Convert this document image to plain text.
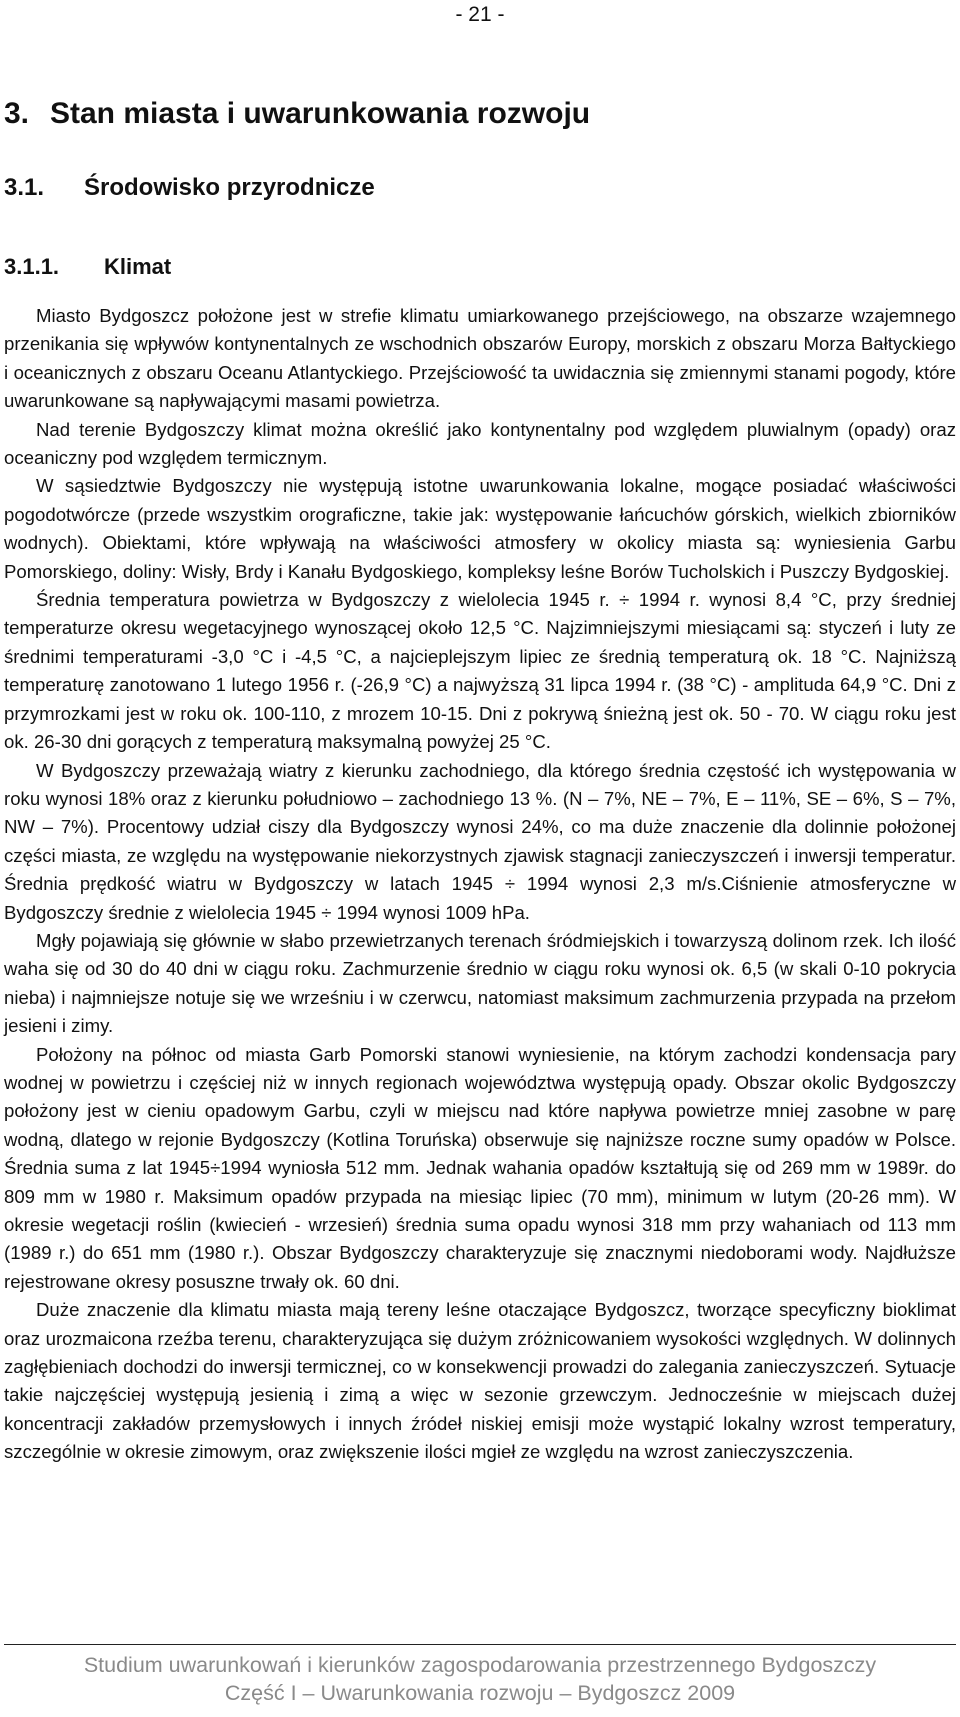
- 21 -
3. Stan miasta i uwarunkowania rozwoju
3.1. Środowisko przyrodnicze
3.1.1. Klimat

Miasto Bydgoszcz położone jest w strefie klimatu umiarkowanego przejściowego, na obszarze wzajemnego przenikania się wpływów kontynentalnych ze wschodnich obszarów Europy, morskich z obszaru Morza Bałtyckiego i oceanicznych z obszaru Oceanu Atlantyckiego. Przejściowość ta uwidacznia się zmiennymi stanami pogody, które uwarunkowane są napływającymi masami powietrza.

Nad terenie Bydgoszczy klimat można określić jako kontynentalny pod względem pluwialnym (opady) oraz oceaniczny pod względem termicznym.

W sąsiedztwie Bydgoszczy nie występują istotne uwarunkowania lokalne, mogące posiadać właściwości pogodotwórcze (przede wszystkim orograficzne, takie jak: występowanie łańcuchów górskich, wielkich zbiorników wodnych). Obiektami, które wpływają na właściwości atmosfery w okolicy miasta są: wyniesienia Garbu Pomorskiego, doliny: Wisły, Brdy i Kanału Bydgoskiego, kompleksy leśne Borów Tucholskich i Puszczy Bydgoskiej.

Średnia temperatura powietrza w Bydgoszczy z wielolecia 1945 r. ÷ 1994 r. wynosi 8,4 °C, przy średniej temperaturze okresu wegetacyjnego wynoszącej około 12,5 °C. Najzimniejszymi miesiącami są: styczeń i luty ze średnimi temperaturami -3,0 °C i -4,5 °C, a najcieplejszym lipiec ze średnią temperaturą ok. 18 °C. Najniższą temperaturę zanotowano 1 lutego 1956 r. (-26,9 °C) a najwyższą 31 lipca 1994 r. (38 °C) - amplituda 64,9 °C. Dni z przymrozkami jest w roku ok. 100-110, z mrozem 10-15. Dni z pokrywą śnieżną jest ok. 50 - 70. W ciągu roku jest ok. 26-30 dni gorących z temperaturą maksymalną powyżej 25 °C.

W Bydgoszczy przeważają wiatry z kierunku zachodniego, dla którego średnia częstość ich występowania w roku wynosi 18% oraz z kierunku południowo – zachodniego 13 %. (N – 7%, NE – 7%, E – 11%, SE – 6%, S – 7%, NW – 7%). Procentowy udział ciszy dla Bydgoszczy wynosi 24%, co ma duże znaczenie dla dolinnie położonej części miasta, ze względu na występowanie niekorzystnych zjawisk stagnacji zanieczyszczeń i inwersji temperatur. Średnia prędkość wiatru w Bydgoszczy w latach 1945 ÷ 1994 wynosi 2,3 m/s.Ciśnienie atmosferyczne w Bydgoszczy średnie z wielolecia 1945 ÷ 1994 wynosi 1009 hPa.

Mgły pojawiają się głównie w słabo przewietrzanych terenach śródmiejskich i towarzyszą dolinom rzek. Ich ilość waha się od 30 do 40 dni w ciągu roku. Zachmurzenie średnio w ciągu roku wynosi ok. 6,5 (w skali 0-10 pokrycia nieba) i najmniejsze notuje się we wrześniu i w czerwcu, natomiast maksimum zachmurzenia przypada na przełom jesieni i zimy.

Położony na północ od miasta Garb Pomorski stanowi wyniesienie, na którym zachodzi kondensacja pary wodnej w powietrzu i częściej niż w innych regionach województwa występują opady. Obszar okolic Bydgoszczy położony jest w cieniu opadowym Garbu, czyli w miejscu nad które napływa powietrze mniej zasobne w parę wodną, dlatego w rejonie Bydgoszczy (Kotlina Toruńska) obserwuje się najniższe roczne sumy opadów w Polsce. Średnia suma z lat 1945÷1994 wyniosła 512 mm. Jednak wahania opadów kształtują się od 269 mm w 1989r. do 809 mm w 1980 r. Maksimum opadów przypada na miesiąc lipiec (70 mm), minimum w lutym (20-26 mm). W okresie wegetacji roślin (kwiecień - wrzesień) średnia suma opadu wynosi 318 mm przy wahaniach od 113 mm (1989 r.) do 651 mm (1980 r.). Obszar Bydgoszczy charakteryzuje się znacznymi niedoborami wody. Najdłuższe rejestrowane okresy posuszne trwały ok. 60 dni.

Duże znaczenie dla klimatu miasta mają tereny leśne otaczające Bydgoszcz, tworzące specyficzny bioklimat oraz urozmaicona rzeźba terenu, charakteryzująca się dużym zróżnicowaniem wysokości względnych. W dolinnych zagłębieniach dochodzi do inwersji termicznej, co w konsekwencji prowadzi do zalegania zanieczyszczeń. Sytuacje takie najczęściej występują jesienią i zimą a więc w sezonie grzewczym. Jednocześnie w miejscach dużej koncentracji zakładów przemysłowych i innych źródeł niskiej emisji może wystąpić lokalny wzrost temperatury, szczególnie w okresie zimowym, oraz zwiększenie ilości mgieł ze względu na wzrost zanieczyszczenia.

Studium uwarunkowań i kierunków zagospodarowania przestrzennego Bydgoszczy
Część I – Uwarunkowania rozwoju – Bydgoszcz 2009
